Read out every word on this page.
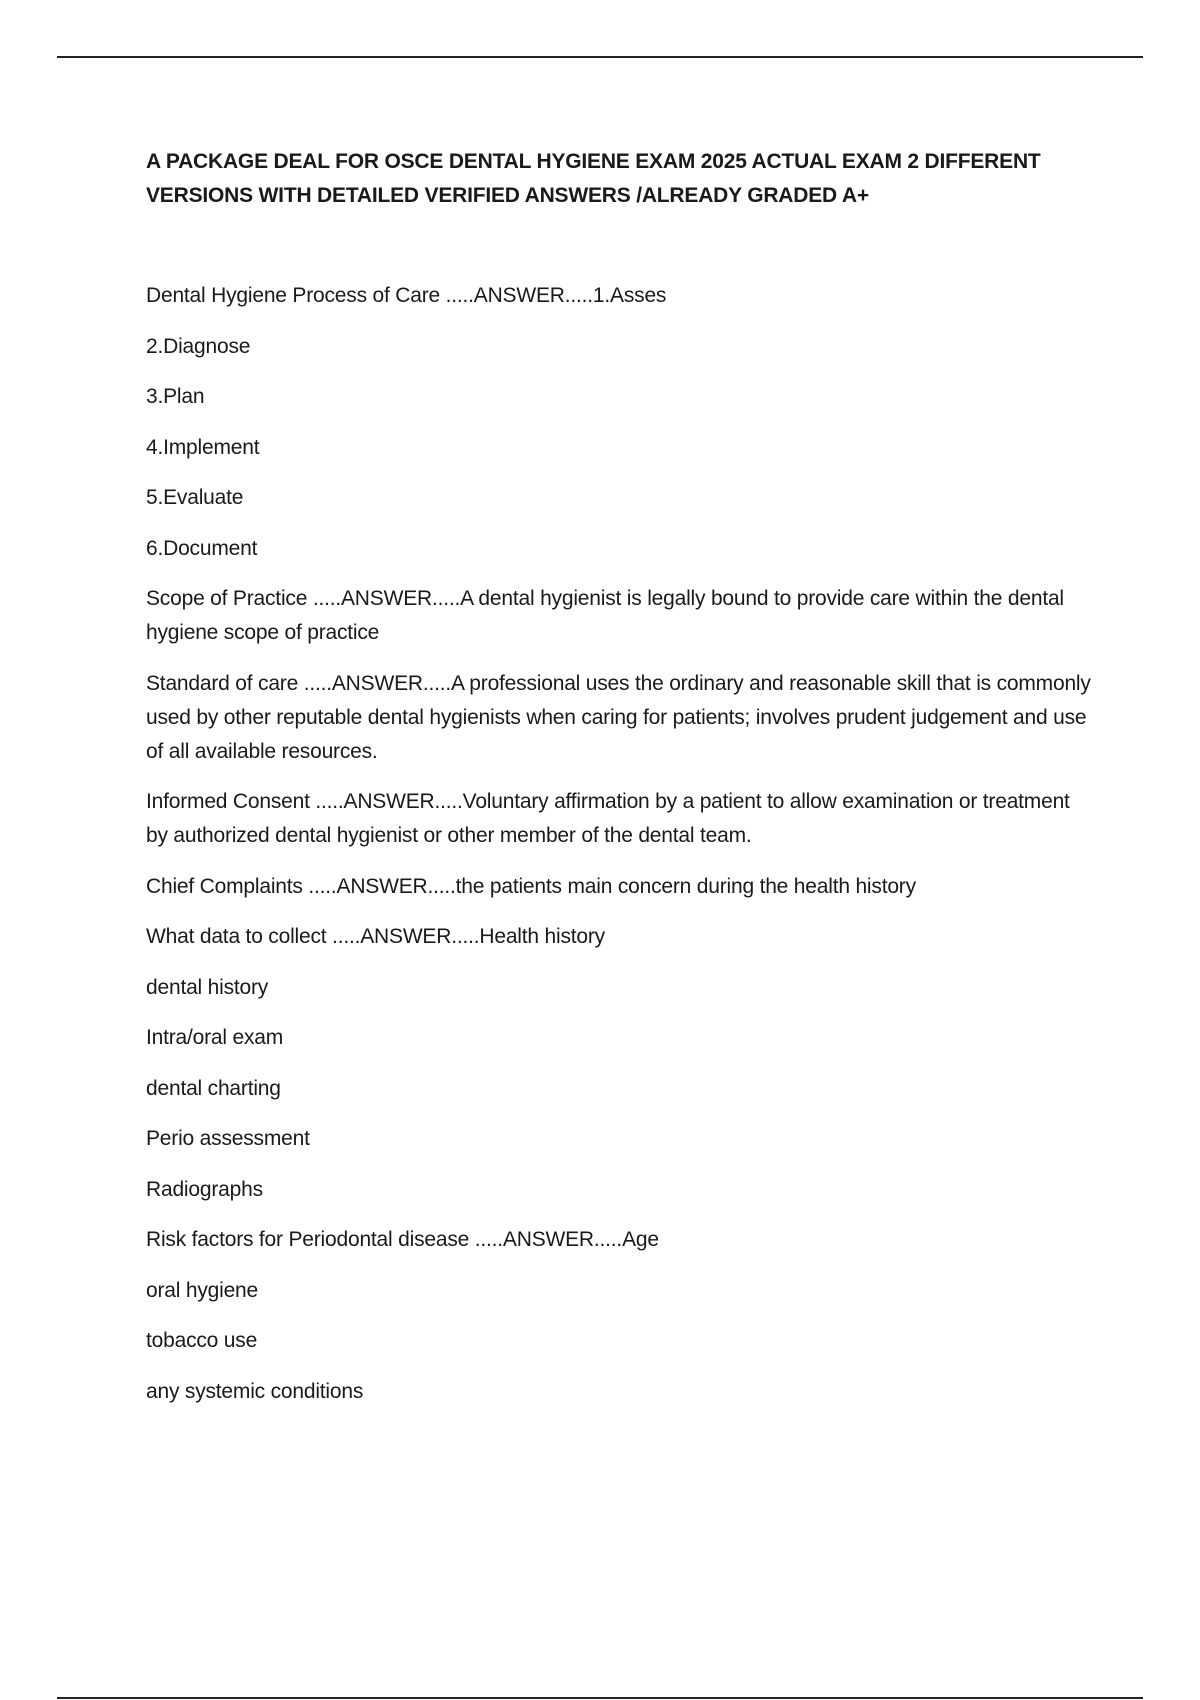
A PACKAGE DEAL FOR OSCE DENTAL HYGIENE EXAM 2025 ACTUAL EXAM 2 DIFFERENT VERSIONS WITH DETAILED VERIFIED ANSWERS /ALREADY GRADED A+
Dental Hygiene Process of Care .....ANSWER.....1.Asses
2.Diagnose
3.Plan
4.Implement
5.Evaluate
6.Document
Scope of Practice .....ANSWER.....A dental hygienist is legally bound to provide care within the dental hygiene scope of practice
Standard of care .....ANSWER.....A professional uses the ordinary and reasonable skill that is commonly used by other reputable dental hygienists when caring for patients; involves prudent judgement and use of all available resources.
Informed Consent .....ANSWER.....Voluntary affirmation by a patient to allow examination or treatment by authorized dental hygienist or other member of the dental team.
Chief Complaints .....ANSWER.....the patients main concern during the health history
What data to collect .....ANSWER.....Health history
dental history
Intra/oral exam
dental charting
Perio assessment
Radiographs
Risk factors for Periodontal disease .....ANSWER.....Age
oral hygiene
tobacco use
any systemic conditions
